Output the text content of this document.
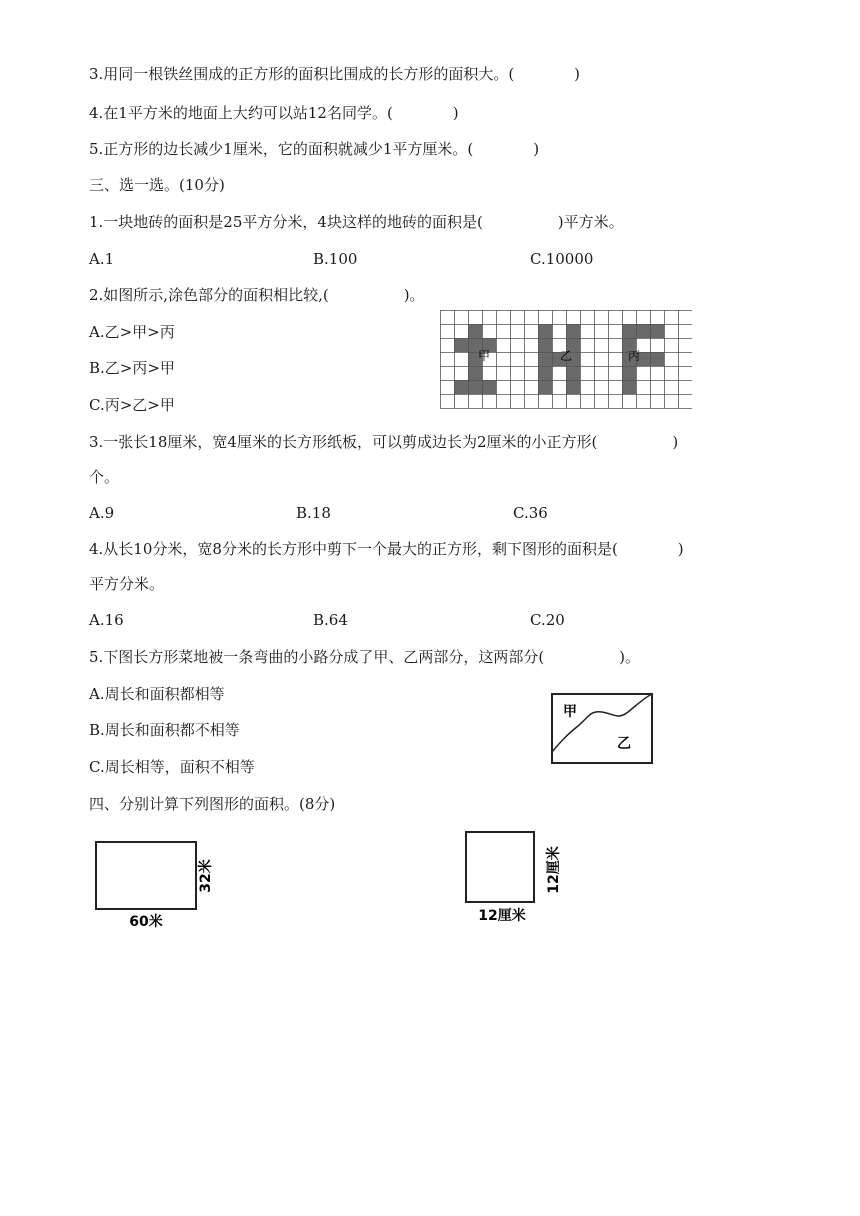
3.用同一根铁丝围成的正方形的面积比围成的长方形的面积大。(　　　　)
4.在1平方米的地面上大约可以站12名同学。(　　　　)
5.正方形的边长减少1厘米，它的面积就减少1平方厘米。(　　　　)
三、选一选。(10分)
1.一块地砖的面积是25平方分米，4块这样的地砖的面积是(　　　　　)平方米。
A.1	B.100	C.10000
2.如图所示,涂色部分的面积相比较,(　　　　　)。
A.乙>甲>丙
B.乙>丙>甲
C.丙>乙>甲
甲	乙	丙
3.一张长18厘米，宽4厘米的长方形纸板，可以剪成边长为2厘米的小正方形(　　　　　)
个。
A.9	B.18	C.36
4.从长10分米，宽8分米的长方形中剪下一个最大的正方形，剩下图形的面积是(　　　　)
平方分米。
A.16	B.64	C.20
5.下图长方形菜地被一条弯曲的小路分成了甲、乙两部分，这两部分(　　　　　)。
A.周长和面积都相等
B.周长和面积都不相等
C.周长相等，面积不相等
甲
乙
四、分别计算下列图形的面积。(8分)
60米
32米
12厘米
12厘米
